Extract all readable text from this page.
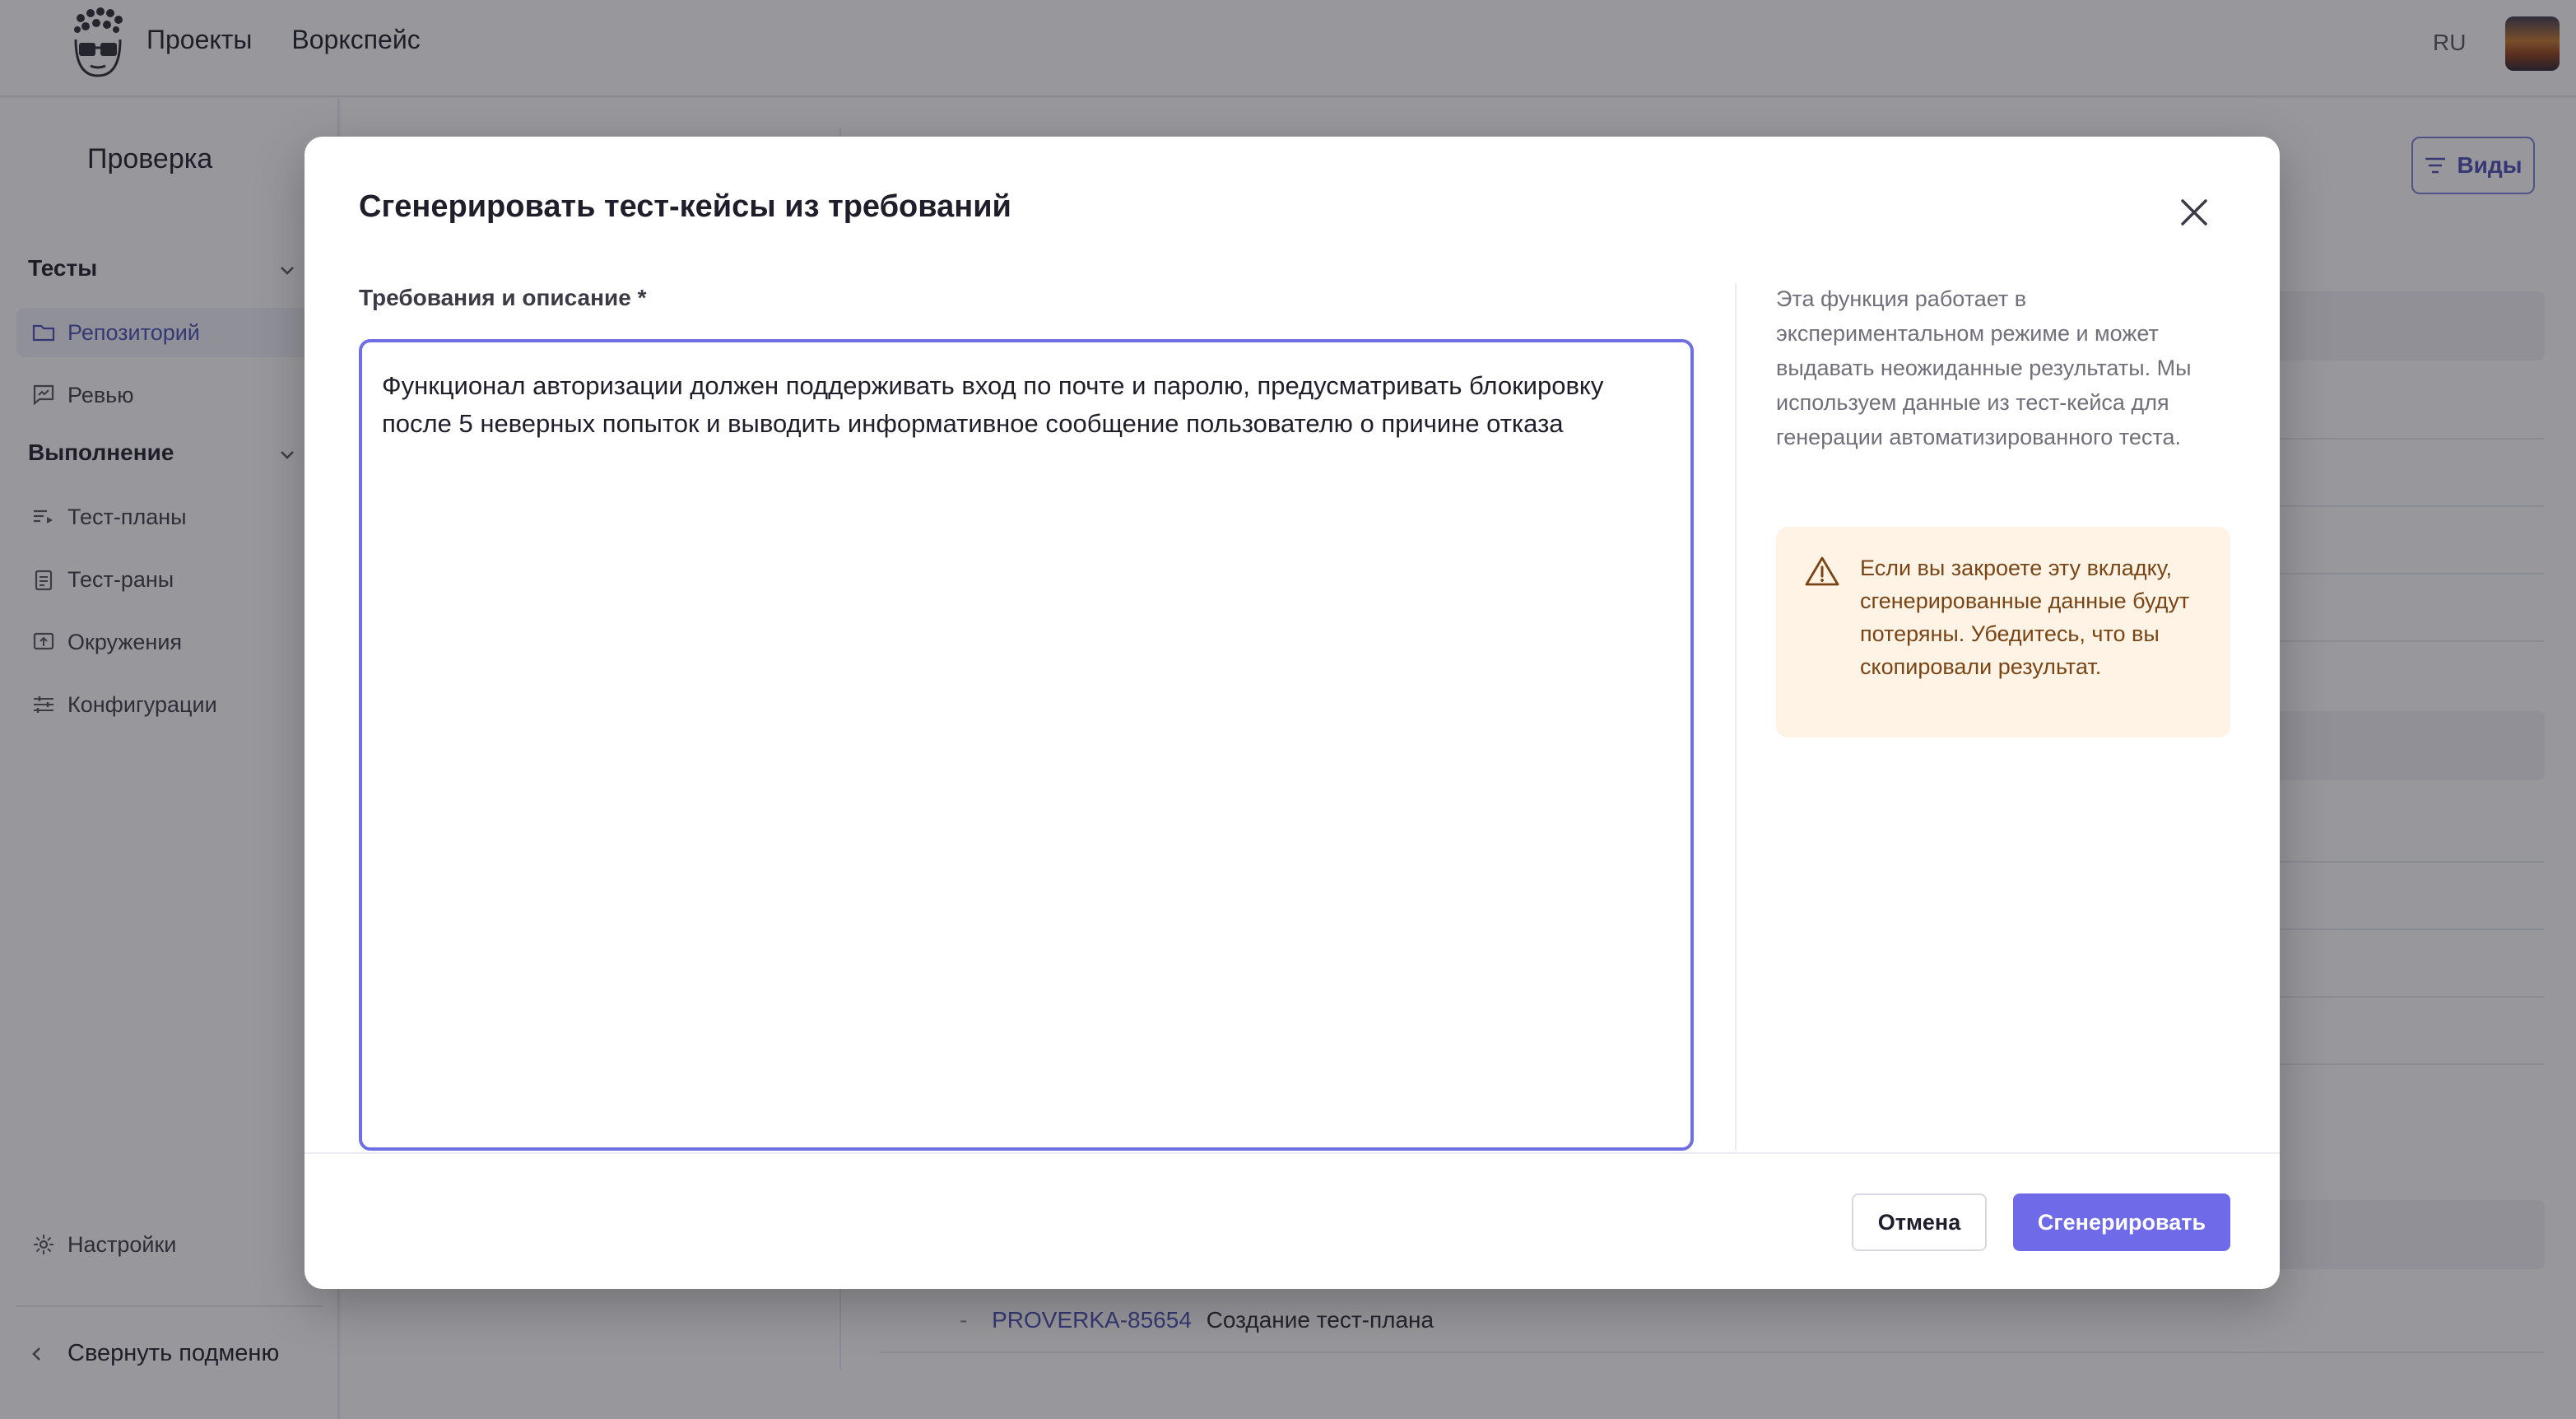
Проекты Воркспейс	RU
Проверка
Тесты
Репозиторий
Ревью
Выполнение
Тест-планы
Тест-раны
Окружения
Конфигурации
Настройки
Свернуть подменю
Виды
- PROVERKA-85654 Создание тест-плана
Сгенерировать тест-кейсы из требований
Требования и описание *
Функционал авторизации должен поддерживать вход по почте и паролю, предусматривать блокировку после 5 неверных попыток и выводить информативное сообщение пользователю о причине отказа	Эта функция работает в экспериментальном режиме и может выдавать неожиданные результаты. Мы используем данные из тест-кейса для генерации автоматизированного теста.
Если вы закроете эту вкладку, сгенерированные данные будут потеряны. Убедитесь, что вы скопировали результат.
Отмена	Сгенерировать
